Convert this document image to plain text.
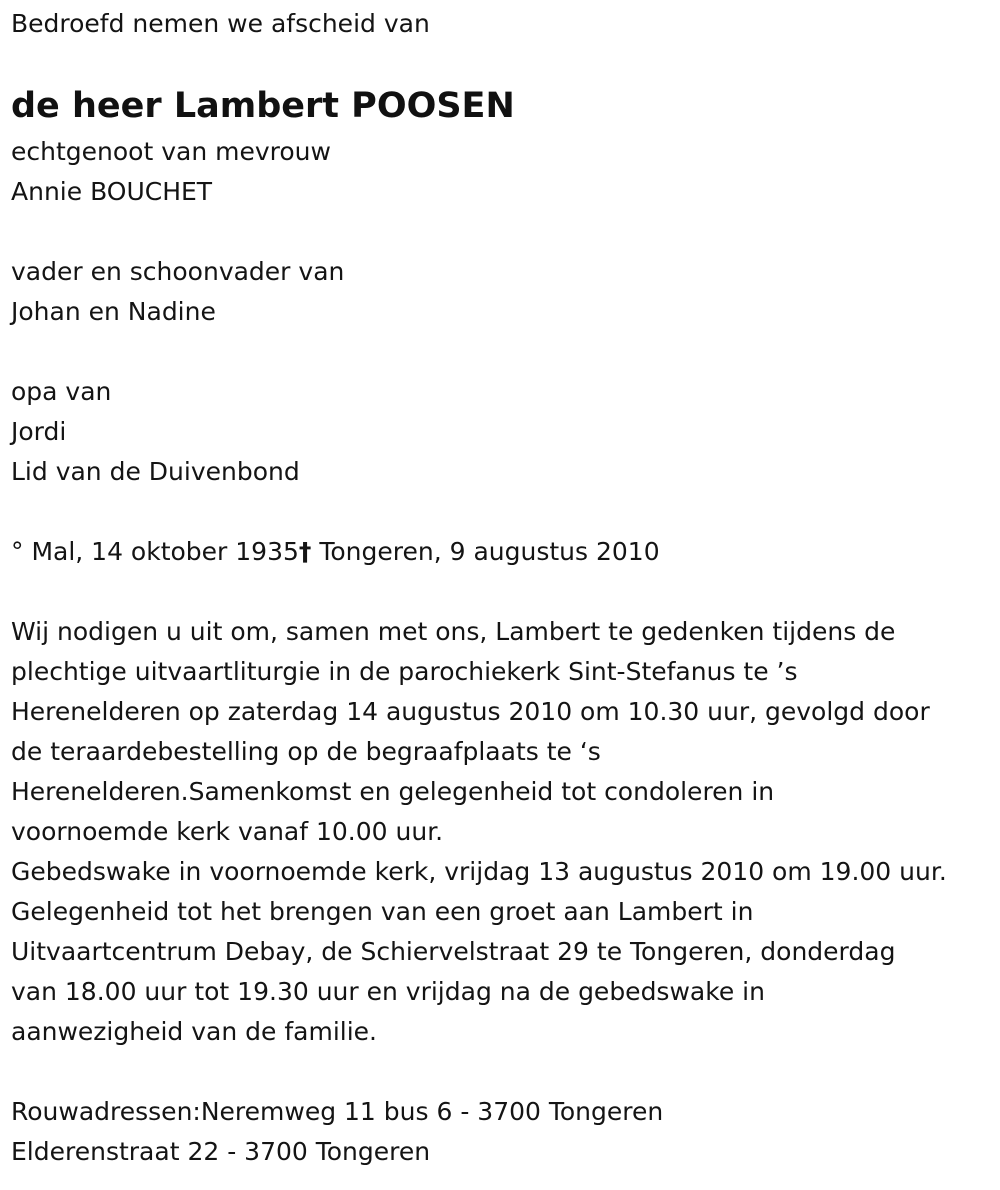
Bedroefd nemen we afscheid van
de heer Lambert POOSEN
echtgenoot van mevrouw
Annie BOUCHET
vader en schoonvader van
Johan en Nadine
opa van
Jordi
Lid van de Duivenbond
° Mal, 14 oktober 1935 † Tongeren, 9 augustus 2010
Wij nodigen u uit om, samen met ons, Lambert te gedenken tijdens de
plechtige uitvaartliturgie in de parochiekerk Sint-Stefanus te ’s
Herenelderen op zaterdag 14 augustus 2010 om 10.30 uur, gevolgd door
de teraardebestelling op de begraafplaats te ‘s
Herenelderen.Samenkomst en gelegenheid tot condoleren in
voornoemde kerk vanaf 10.00 uur.
Gebedswake in voornoemde kerk, vrijdag 13 augustus 2010 om 19.00 uur.
Gelegenheid tot het brengen van een groet aan Lambert in
Uitvaartcentrum Debay, de Schiervelstraat 29 te Tongeren, donderdag
van 18.00 uur tot 19.30 uur en vrijdag na de gebedswake in
aanwezigheid van de familie.
Rouwadressen:Neremweg 11 bus 6 - 3700 Tongeren
Elderenstraat 22 - 3700 Tongeren
